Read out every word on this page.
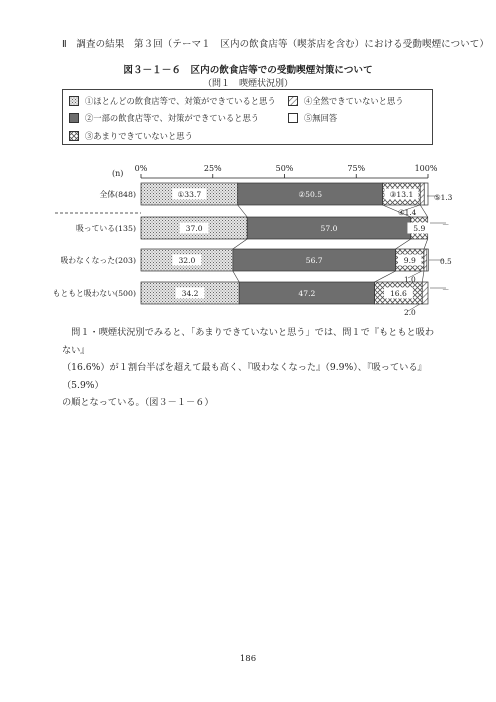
Ⅱ　調査の結果　第３回（テーマ１　区内の飲食店等（喫茶店を含む）における受動喫煙について）
図３－１－６　区内の飲食店等での受動喫煙対策について
（問１　喫煙状況別）
①ほとんどの飲食店等で、対策ができていると思う
②一部の飲食店等で、対策ができていると思う
③あまりできていないと思う
④全然できていないと思う
⑤無回答
(n)
0%	25%	50%	75%	100%
全体(848)	①33.7	②50.5	③13.1
吸っている(135)	37.0	57.0	5.9
吸わなくなった(203)	32.0	56.7	9.9
もともと吸わない(500)	34.2	47.2	16.6
④1.4
⑤1.3
－
1.0
0.5
2.0
－

　問１・喫煙状況別でみると、「あまりできていないと思う」では、問１で『もともと吸わない』

（16.6%）が１割台半ばを超えて最も高く、『吸わなくなった』（9.9%）、『吸っている』（5.9%）

の順となっている。（図３－１－６）

186
